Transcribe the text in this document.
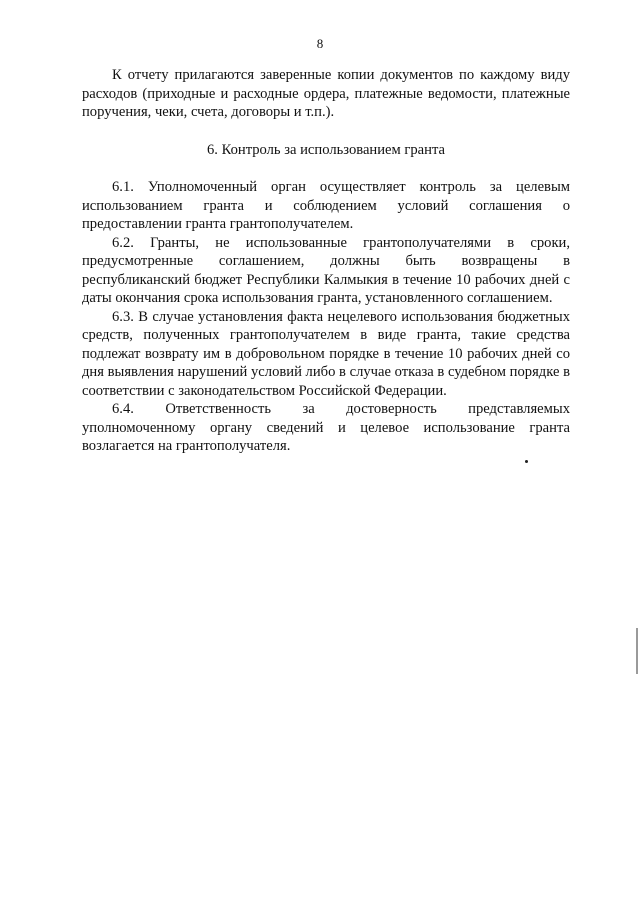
8

К отчету прилагаются заверенные копии документов по каждому виду расходов (приходные и расходные ордера, платежные ведомости, платежные поручения, чеки, счета, договоры и т.п.).

6. Контроль за использованием гранта

6.1. Уполномоченный орган осуществляет контроль за целевым использованием гранта и соблюдением условий соглашения о предоставлении гранта грантополучателем.

6.2. Гранты, не использованные грантополучателями в сроки, предусмотренные соглашением, должны быть возвращены в республиканский бюджет Республики Калмыкия в течение 10 рабочих дней с даты окончания срока использования гранта, установленного соглашением.

6.3. В случае установления факта нецелевого использования бюджетных средств, полученных грантополучателем в виде гранта, такие средства подлежат возврату им в добровольном порядке в течение 10 рабочих дней со дня выявления нарушений условий либо в случае отказа в судебном порядке в соответствии с законодательством Российской Федерации.

6.4. Ответственность за достоверность представляемых уполномоченному органу сведений и целевое использование гранта возлагается на грантополучателя.
